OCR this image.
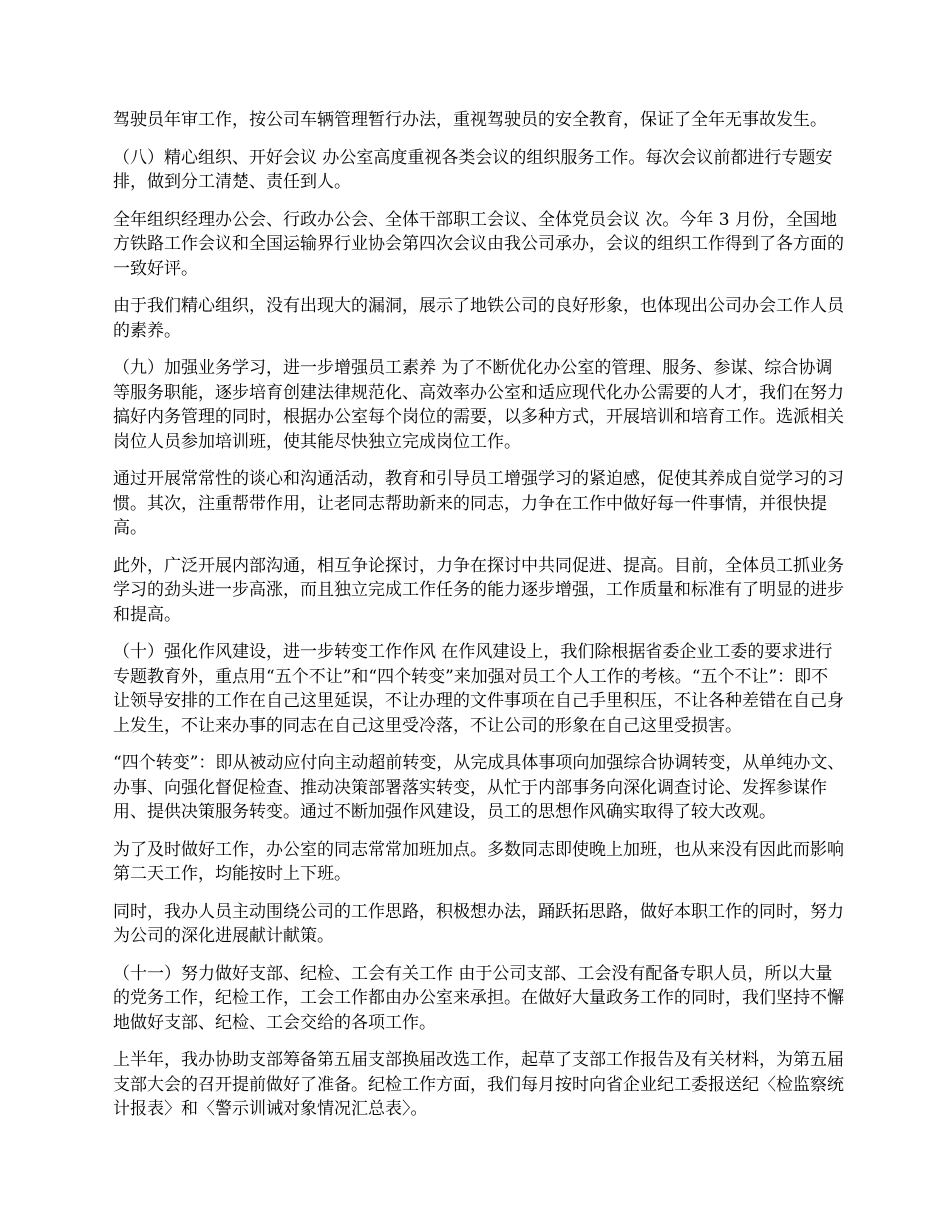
驾驶员年审工作，按公司车辆管理暂行办法，重视驾驶员的安全教育，保证了全年无事故发生。

（八）精心组织、开好会议 办公室高度重视各类会议的组织服务工作。每次会议前都进行专题安排，做到分工清楚、责任到人。

全年组织经理办公会、行政办公会、全体干部职工会议、全体党员会议 次。今年 3 月份，全国地方铁路工作会议和全国运输界行业协会第四次会议由我公司承办，会议的组织工作得到了各方面的一致好评。

由于我们精心组织，没有出现大的漏洞，展示了地铁公司的良好形象，也体现出公司办会工作人员的素养。

（九）加强业务学习，进一步增强员工素养 为了不断优化办公室的管理、服务、参谋、综合协调等服务职能，逐步培育创建法律规范化、高效率办公室和适应现代化办公需要的人才，我们在努力搞好内务管理的同时，根据办公室每个岗位的需要，以多种方式，开展培训和培育工作。选派相关岗位人员参加培训班，使其能尽快独立完成岗位工作。

通过开展常常性的谈心和沟通活动，教育和引导员工增强学习的紧迫感，促使其养成自觉学习的习惯。其次，注重帮带作用，让老同志帮助新来的同志，力争在工作中做好每一件事情，并很快提高。

此外，广泛开展内部沟通，相互争论探讨，力争在探讨中共同促进、提高。目前，全体员工抓业务学习的劲头进一步高涨，而且独立完成工作任务的能力逐步增强，工作质量和标准有了明显的进步和提高。

（十）强化作风建设，进一步转变工作作风 在作风建设上，我们除根据省委企业工委的要求进行专题教育外，重点用“五个不让”和“四个转变”来加强对员工个人工作的考核。“五个不让”：即不让领导安排的工作在自己这里延误，不让办理的文件事项在自己手里积压，不让各种差错在自己身上发生，不让来办事的同志在自己这里受冷落，不让公司的形象在自己这里受损害。

“四个转变”：即从被动应付向主动超前转变，从完成具体事项向加强综合协调转变，从单纯办文、办事、向强化督促检查、推动决策部署落实转变，从忙于内部事务向深化调查讨论、发挥参谋作用、提供决策服务转变。通过不断加强作风建设，员工的思想作风确实取得了较大改观。

为了及时做好工作，办公室的同志常常加班加点。多数同志即使晚上加班，也从来没有因此而影响第二天工作，均能按时上下班。

同时，我办人员主动围绕公司的工作思路，积极想办法，踊跃拓思路，做好本职工作的同时，努力为公司的深化进展献计献策。

（十一）努力做好支部、纪检、工会有关工作 由于公司支部、工会没有配备专职人员，所以大量的党务工作，纪检工作，工会工作都由办公室来承担。在做好大量政务工作的同时，我们坚持不懈地做好支部、纪检、工会交给的各项工作。

上半年，我办协助支部筹备第五届支部换届改选工作，起草了支部工作报告及有关材料，为第五届支部大会的召开提前做好了准备。纪检工作方面，我们每月按时向省企业纪工委报送纪〈检监察统计报表〉和〈警示训诫对象情况汇总表〉。
